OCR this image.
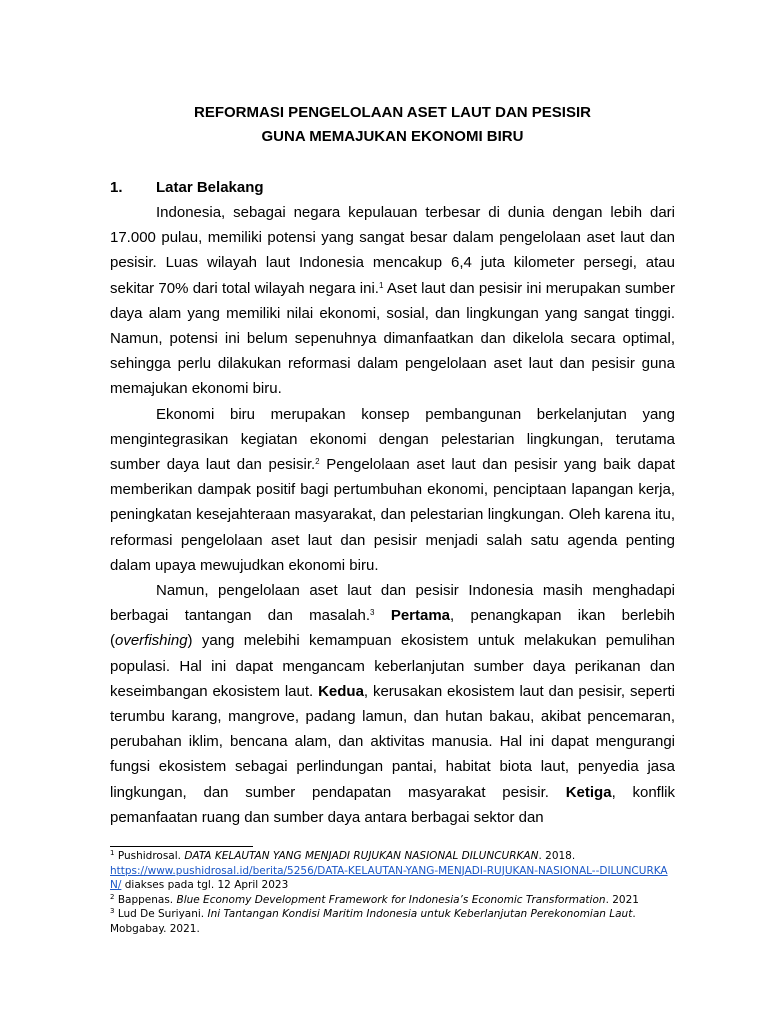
REFORMASI PENGELOLAAN ASET LAUT DAN PESISIR
GUNA MEMAJUKAN EKONOMI BIRU
1. Latar Belakang

Indonesia, sebagai negara kepulauan terbesar di dunia dengan lebih dari 17.000 pulau, memiliki potensi yang sangat besar dalam pengelolaan aset laut dan pesisir. Luas wilayah laut Indonesia mencakup 6,4 juta kilometer persegi, atau sekitar 70% dari total wilayah negara ini.$^1$ Aset laut dan pesisir ini merupakan sumber daya alam yang memiliki nilai ekonomi, sosial, dan lingkungan yang sangat tinggi. Namun, potensi ini belum sepenuhnya dimanfaatkan dan dikelola secara optimal, sehingga perlu dilakukan reformasi dalam pengelolaan aset laut dan pesisir guna memajukan ekonomi biru.

Ekonomi biru merupakan konsep pembangunan berkelanjutan yang mengintegrasikan kegiatan ekonomi dengan pelestarian lingkungan, terutama sumber daya laut dan pesisir.$^2$ Pengelolaan aset laut dan pesisir yang baik dapat memberikan dampak positif bagi pertumbuhan ekonomi, penciptaan lapangan kerja, peningkatan kesejahteraan masyarakat, dan pelestarian lingkungan. Oleh karena itu, reformasi pengelolaan aset laut dan pesisir menjadi salah satu agenda penting dalam upaya mewujudkan ekonomi biru.

Namun, pengelolaan aset laut dan pesisir Indonesia masih menghadapi berbagai tantangan dan masalah.$^3$ Pertama, penangkapan ikan berlebih (overfishing) yang melebihi kemampuan ekosistem untuk melakukan pemulihan populasi. Hal ini dapat mengancam keberlanjutan sumber daya perikanan dan keseimbangan ekosistem laut. Kedua, kerusakan ekosistem laut dan pesisir, seperti terumbu karang, mangrove, padang lamun, dan hutan bakau, akibat pencemaran, perubahan iklim, bencana alam, dan aktivitas manusia. Hal ini dapat mengurangi fungsi ekosistem sebagai perlindungan pantai, habitat biota laut, penyedia jasa lingkungan, dan sumber pendapatan masyarakat pesisir. Ketiga, konflik pemanfaatan ruang dan sumber daya antara berbagai sektor dan

$^1$ Pushidrosal. DATA KELAUTAN YANG MENJADI RUJUKAN NASIONAL DILUNCURKAN. 2018.
https://www.pushidrosal.id/berita/5256/DATA-KELAUTAN-YANG-MENJADI-RUJUKAN-NASIONAL--DILUNCURKAN/ diakses pada tgl. 12 April 2023

$^2$ Bappenas. Blue Economy Development Framework for Indonesia’s Economic Transformation. 2021

$^3$ Lud De Suriyani. Ini Tantangan Kondisi Maritim Indonesia untuk Keberlanjutan Perekonomian Laut. Mobgabay. 2021.
